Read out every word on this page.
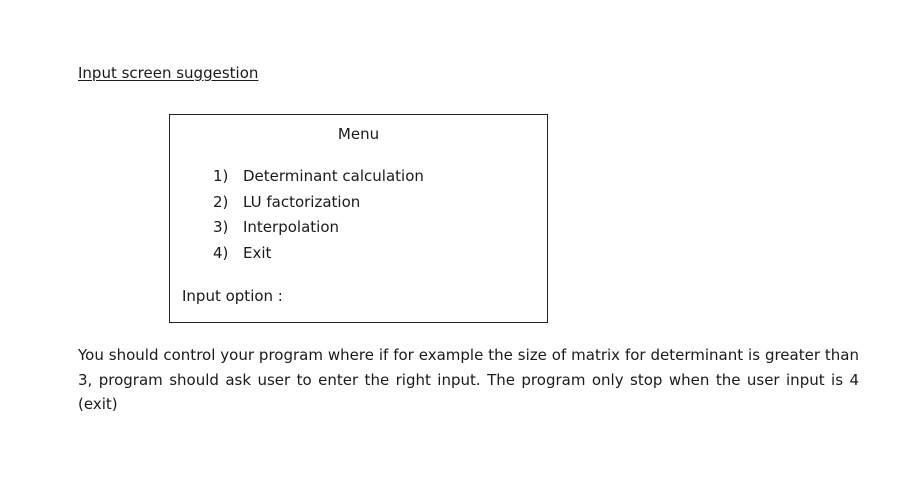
Input screen suggestion
Menu
1) Determinant calculation
2) LU factorization
3) Interpolation
4) Exit
Input option :

You should control your program where if for example the size of matrix for determinant is greater than 3, program should ask user to enter the right input. The program only stop when the user input is 4 (exit)
